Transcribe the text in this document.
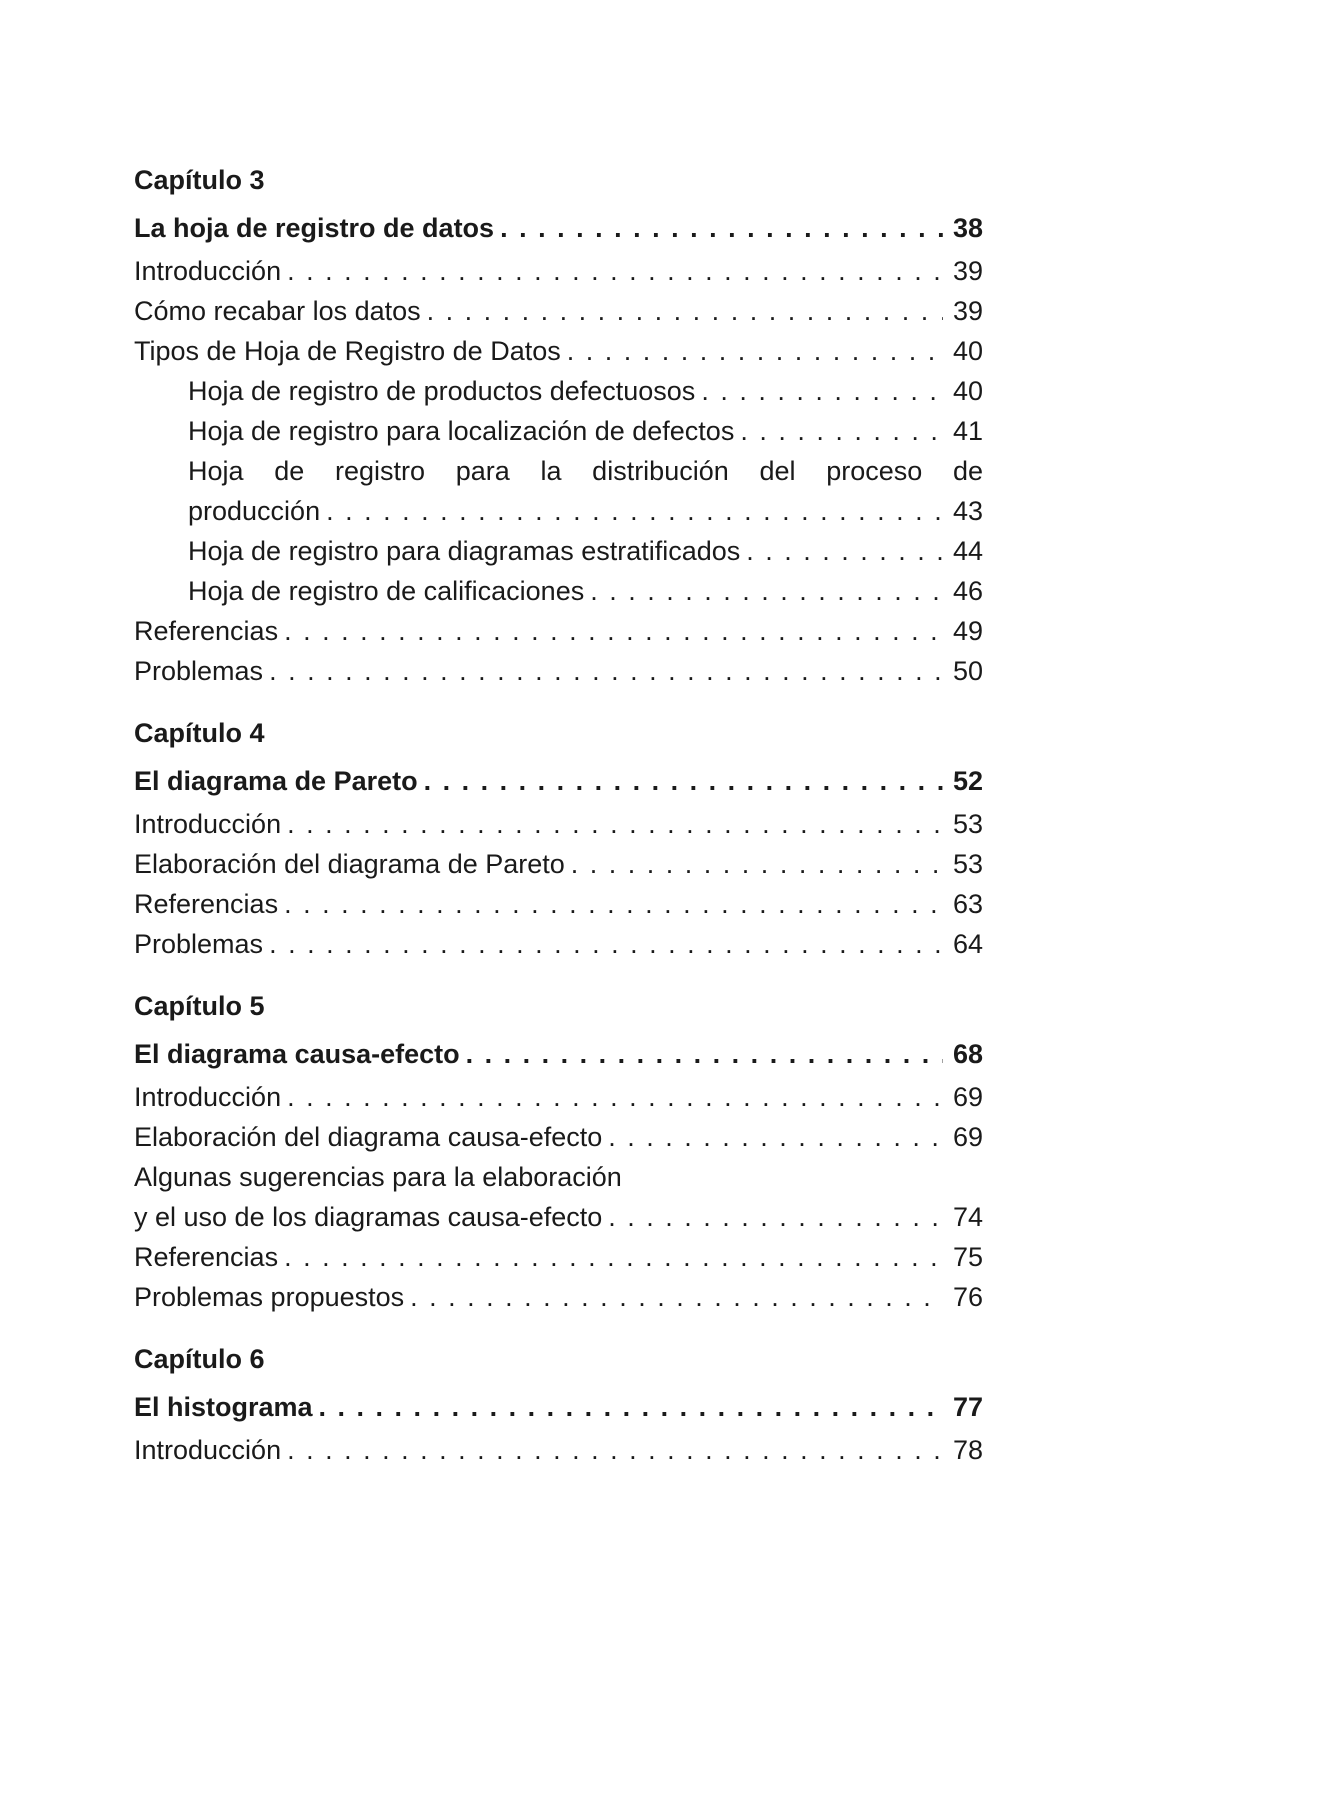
Capítulo 3
La hoja de registro de datos . . .	38
Introducción . . .	39
Cómo recabar los datos . . .	39
Tipos de Hoja de Registro de Datos . . .	40
Hoja de registro de productos defectuosos . . .	40
Hoja de registro para localización de defectos . . .	41
Hoja de registro para la distribución del proceso de
producción . . .	43
Hoja de registro para diagramas estratificados . . .	44
Hoja de registro de calificaciones . . .	46
Referencias . . .	49
Problemas . . .	50
Capítulo 4
El diagrama de Pareto . . .	52
Introducción . . .	53
Elaboración del diagrama de Pareto . . .	53
Referencias . . .	63
Problemas . . .	64
Capítulo 5
El diagrama causa-efecto . . .	68
Introducción . . .	69
Elaboración del diagrama causa-efecto . . .	69
Algunas sugerencias para la elaboración
y el uso de los diagramas causa-efecto . . .	74
Referencias . . .	75
Problemas propuestos . . .	76
Capítulo 6
El histograma . . .	77
Introducción . . .	78
